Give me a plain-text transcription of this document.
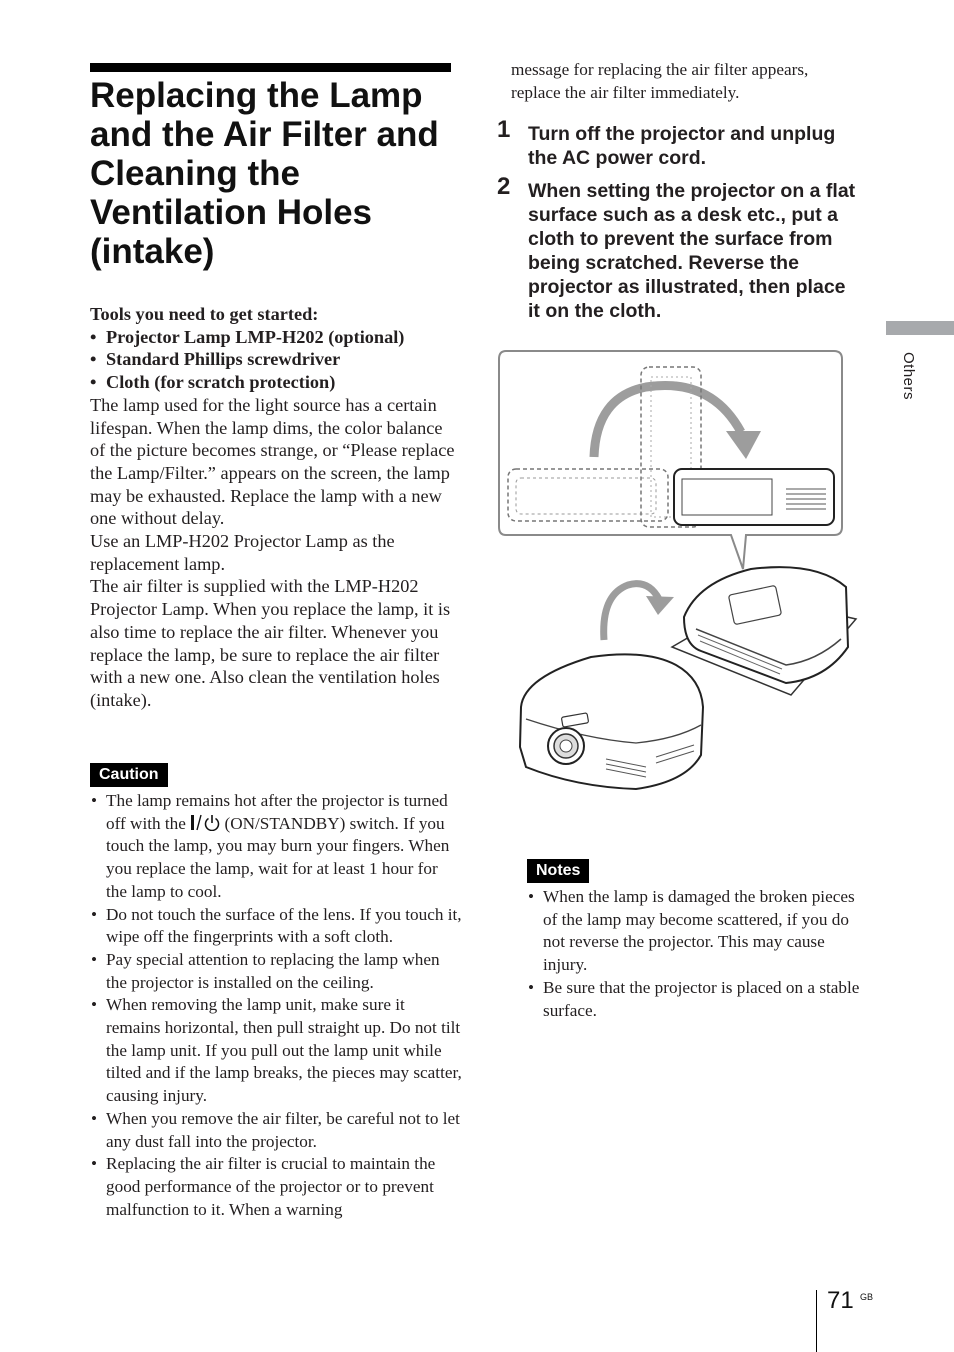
Replacing the Lamp
and the Air Filter and
Cleaning the
Ventilation Holes
(intake)

Tools you need to get started:

• Projector Lamp LMP-H202 (optional)

• Standard Phillips screwdriver

• Cloth (for scratch protection)

The lamp used for the light source has a certain lifespan. When the lamp dims, the color balance of the picture becomes strange, or “Please replace the Lamp/Filter.” appears on the screen, the lamp may be exhausted. Replace the lamp with a new one without delay.

Use an LMP-H202 Projector Lamp as the replacement lamp.

The air filter is supplied with the LMP-H202 Projector Lamp. When you replace the lamp, it is also time to replace the air filter. Whenever you replace the lamp, be sure to replace the air filter with a new one. Also clean the ventilation holes (intake).

Caution
• The lamp remains hot after the projector is turned off with the (ON/STANDBY) switch. If you touch the lamp, you may burn your fingers. When you replace the lamp, wait for at least 1 hour for the lamp to cool.
• Do not touch the surface of the lens. If you touch it, wipe off the fingerprints with a soft cloth.
• Pay special attention to replacing the lamp when the projector is installed on the ceiling.
• When removing the lamp unit, make sure it remains horizontal, then pull straight up. Do not tilt the lamp unit. If you pull out the lamp unit while tilted and if the lamp breaks, the pieces may scatter, causing injury.
• When you remove the air filter, be careful not to let any dust fall into the projector.
• Replacing the air filter is crucial to maintain the good performance of the projector or to prevent malfunction to it. When a warning

message for replacing the air filter appears, replace the air filter immediately.

1 Turn off the projector and unplug the AC power cord.
2 When setting the projector on a flat surface such as a desk etc., put a cloth to prevent the surface from being scratched. Reverse the projector as illustrated, then place it on the cloth.
Notes
• When the lamp is damaged the broken pieces of the lamp may become scattered, if you do not reverse the projector. This may cause injury.
• Be sure that the projector is placed on a stable surface.
Others
71 GB
